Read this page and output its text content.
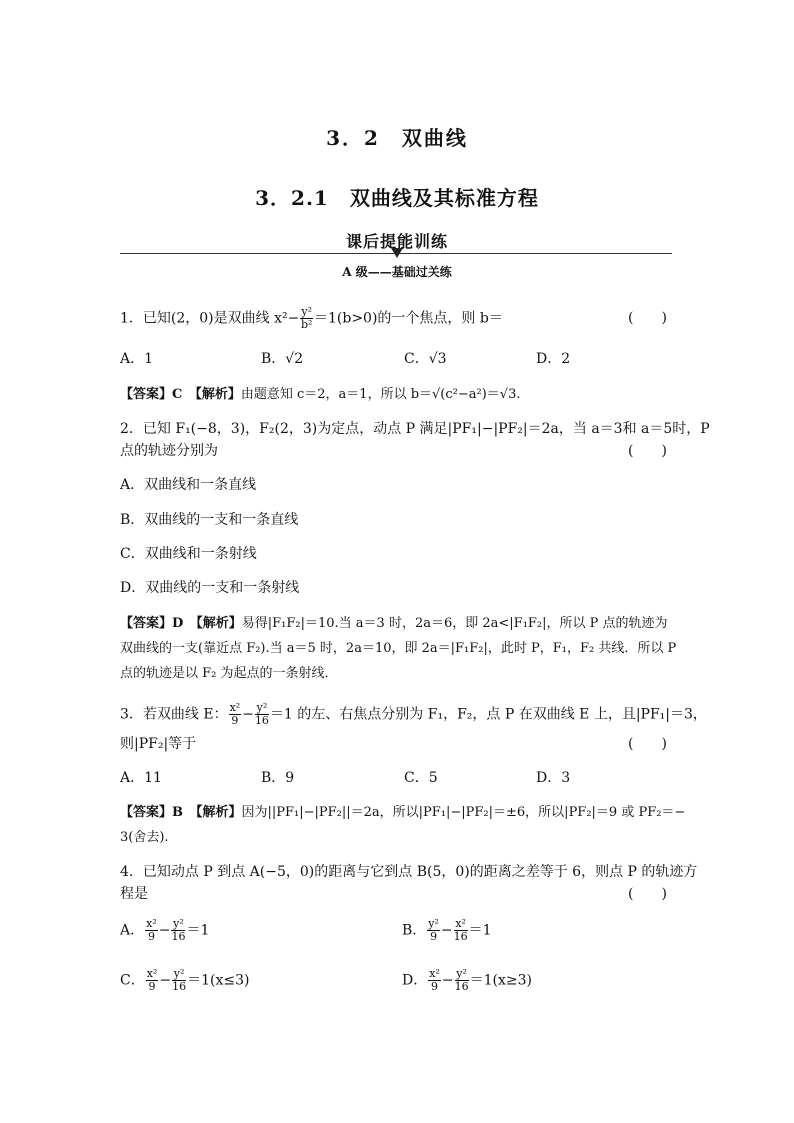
3．2　双曲线
3．2.1　双曲线及其标准方程
课后提能训练
A 级——基础过关练
1．已知(2，0)是双曲线 $x^2- \frac{\text{y²}}{\text{b²}} =1(b>0)$的一个焦点，则 b＝	(　　)
A．1	B．√2	C．√3	D．2
【答案】C　【解析】由题意知 c＝2，a＝1，所以 b＝√(c²−a²)＝√3.
2．已知 F₁(−8，3)，F₂(2，3)为定点，动点 P 满足|PF₁|−|PF₂|＝2a，当 a＝3和 a＝5时，P
点的轨迹分别为	(　　)
A．双曲线和一条直线
B．双曲线的一支和一条直线
C．双曲线和一条射线
D．双曲线的一支和一条射线
【答案】D　【解析】易得|F₁F₂|＝10.当 a＝3 时，2a＝6，即 2a<|F₁F₂|，所以 P 点的轨迹为
双曲线的一支(靠近点 F₂).当 a＝5 时，2a＝10，即 2a＝|F₁F₂|，此时 P，F₁，F₂ 共线．所以 P
点的轨迹是以 F₂ 为起点的一条射线．
3．若双曲线 E： $\frac{\text{x²}}{9} - \frac{\text{y²}}{16} =1$ 的左、右焦点分别为 F₁，F₂，点 P 在双曲线 E 上，且|PF₁|＝3，
则|PF₂|等于	(　　)
A．11	B．9	C．5	D．3
【答案】B　【解析】因为||PF₁|−|PF₂||＝2a，所以|PF₁|−|PF₂|＝±6，所以|PF₂|＝9 或 PF₂＝−
3(舍去).
4．已知动点 P 到点 A(−5，0)的距离与它到点 B(5，0)的距离之差等于 6，则点 P 的轨迹方
程是	(　　)
A． $\frac{\text{x²}}{9} - \frac{\text{y²}}{16} =1$	B． $\frac{\text{y²}}{9} - \frac{\text{x²}}{16} =1$
C． $\frac{\text{x²}}{9} - \frac{\text{y²}}{16} =1(x\le 3)$	D． $\frac{\text{x²}}{9} - \frac{\text{y²}}{16} =1(x\ge 3)$
